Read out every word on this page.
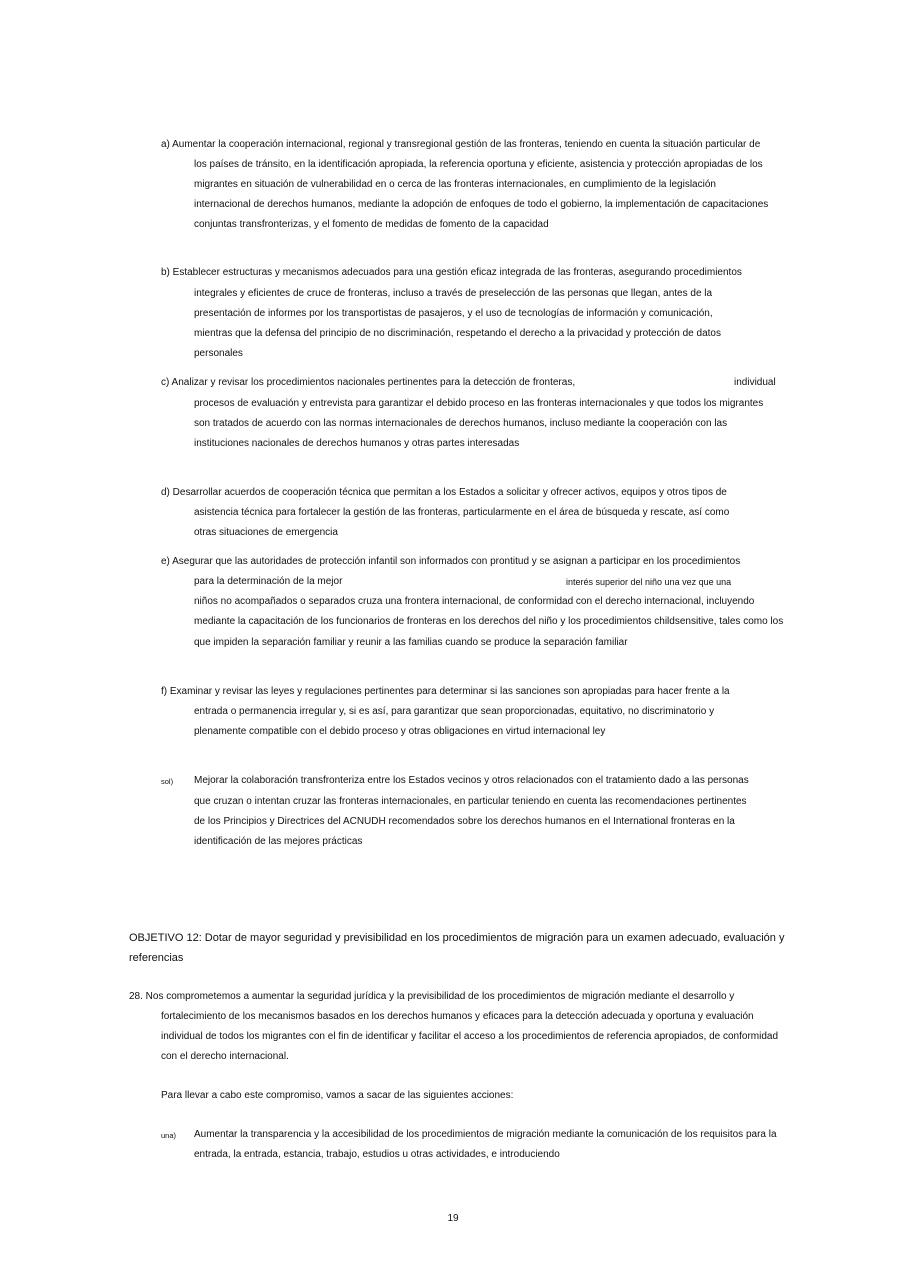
a) Aumentar la cooperación internacional, regional y transregional gestión de las fronteras, teniendo en cuenta la situación particular de
los países de tránsito, en la identificación apropiada, la referencia oportuna y eficiente, asistencia y protección apropiadas de los
migrantes en situación de vulnerabilidad en o cerca de las fronteras internacionales, en cumplimiento de la legislación
internacional de derechos humanos, mediante la adopción de enfoques de todo el gobierno, la implementación de capacitaciones
conjuntas transfronterizas, y el fomento de medidas de fomento de la capacidad
b) Establecer estructuras y mecanismos adecuados para una gestión eficaz integrada de las fronteras, asegurando procedimientos
integrales y eficientes de cruce de fronteras, incluso a través de preselección de las personas que llegan, antes de la
presentación de informes por los transportistas de pasajeros, y el uso de tecnologías de información y comunicación,
mientras que la defensa del principio de no discriminación, respetando el derecho a la privacidad y protección de datos
personales
c) Analizar y revisar los procedimientos nacionales pertinentes para la detección de fronteras,	individual
procesos de evaluación y entrevista para garantizar el debido proceso en las fronteras internacionales y que todos los migrantes
son tratados de acuerdo con las normas internacionales de derechos humanos, incluso mediante la cooperación con las
instituciones nacionales de derechos humanos y otras partes interesadas
d) Desarrollar acuerdos de cooperación técnica que permitan a los Estados a solicitar y ofrecer activos, equipos y otros tipos de
asistencia técnica para fortalecer la gestión de las fronteras, particularmente en el área de búsqueda y rescate, así como
otras situaciones de emergencia
e) Asegurar que las autoridades de protección infantil son informados con prontitud y se asignan a participar en los procedimientos
para la determinación de la mejor	interés superior del niño una vez que una
niños no acompañados o separados cruza una frontera internacional, de conformidad con el derecho internacional, incluyendo
mediante la capacitación de los funcionarios de fronteras en los derechos del niño y los procedimientos childsensitive, tales como los
que impiden la separación familiar y reunir a las familias cuando se produce la separación familiar
f) Examinar y revisar las leyes y regulaciones pertinentes para determinar si las sanciones son apropiadas para hacer frente a la
entrada o permanencia irregular y, si es así, para garantizar que sean proporcionadas, equitativo, no discriminatorio y
plenamente compatible con el debido proceso y otras obligaciones en virtud internacional ley
sol) Mejorar la colaboración transfronteriza entre los Estados vecinos y otros relacionados con el tratamiento dado a las personas
que cruzan o intentan cruzar las fronteras internacionales, en particular teniendo en cuenta las recomendaciones pertinentes
de los Principios y Directrices del ACNUDH recomendados sobre los derechos humanos en el International fronteras en la
identificación de las mejores prácticas
OBJETIVO 12: Dotar de mayor seguridad y previsibilidad en los procedimientos de migración para un examen adecuado, evaluación y
referencias
28. Nos comprometemos a aumentar la seguridad jurídica y la previsibilidad de los procedimientos de migración mediante el desarrollo y
fortalecimiento de los mecanismos basados en los derechos humanos y eficaces para la detección adecuada y oportuna y evaluación
individual de todos los migrantes con el fin de identificar y facilitar el acceso a los procedimientos de referencia apropiados, de conformidad
con el derecho internacional.
Para llevar a cabo este compromiso, vamos a sacar de las siguientes acciones:
una) Aumentar la transparencia y la accesibilidad de los procedimientos de migración mediante la comunicación de los requisitos para la
entrada, la entrada, estancia, trabajo, estudios u otras actividades, e introduciendo
19
